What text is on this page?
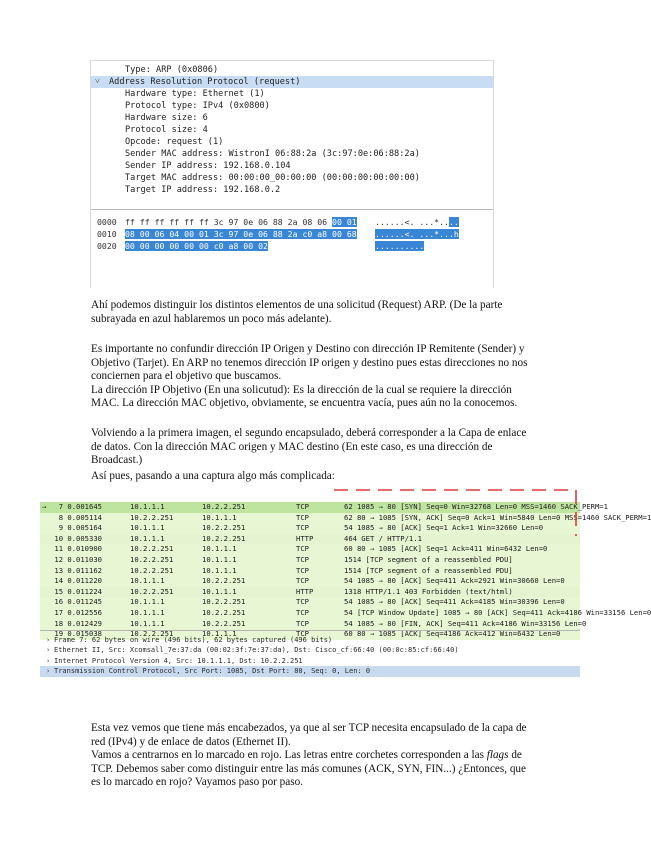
Type: ARP (0x0806)
˅ Address Resolution Protocol (request)
Hardware type: Ethernet (1)
Protocol type: IPv4 (0x0800)
Hardware size: 6
Protocol size: 4
Opcode: request (1)
Sender MAC address: WistronI 06:88:2a (3c:97:0e:06:88:2a)
Sender IP address: 192.168.0.104
Target MAC address: 00:00:00_00:00:00 (00:00:00:00:00:00)
Target IP address: 192.168.0.2
0000 ff ff ff ff ff ff 3c 97 0e 06 88 2a 08 06 00 01 ......<. ...*....
0010 08 00 06 04 00 01 3c 97 0e 06 88 2a c0 a8 00 68 ......<. ...*...h
0020 00 00 00 00 00 00 c0 a8 00 02	..........

Ahí podemos distinguir los distintos elementos de una solicitud (Request) ARP. (De la parte subrayada en azul hablaremos un poco más adelante).

Es importante no confundir dirección IP Origen y Destino con dirección IP Remitente (Sender) y Objetivo (Tarjet). En ARP no tenemos dirección IP origen y destino pues estas direcciones no nos conciernen para el objetivo que buscamos.

La dirección IP Objetivo (En una solicutud): Es la dirección de la cual se requiere la dirección MAC. La dirección MAC objetivo, obviamente, se encuentra vacía, pues aún no la conocemos.

Volviendo a la primera imagen, el segundo encapsulado, deberá corresponder a la Capa de enlace de datos. Con la dirección MAC origen y MAC destino (En este caso, es una dirección de Broadcast.)

Así pues, pasando a una captura algo más complicada:

7 0.001645	10.1.1.1	10.2.2.251	TCP	62 1085 → 80 [SYN] Seq=0 Win=32768 Len=0 MSS=1460 SACK_PERM=1
→
8 0.005114	10.2.2.251	10.1.1.1	TCP	62 80 → 1085 [SYN, ACK] Seq=0 Ack=1 Win=5840 Len=0 MSS=1460 SACK_PERM=1
9 0.005164	10.1.1.1	10.2.2.251	TCP	54 1085 → 80 [ACK] Seq=1 Ack=1 Win=32660 Len=0
10 0.005330	10.1.1.1	10.2.2.251	HTTP	464 GET / HTTP/1.1
11 0.010900	10.2.2.251	10.1.1.1	TCP	60 80 → 1085 [ACK] Seq=1 Ack=411 Win=6432 Len=0
12 0.011030	10.2.2.251	10.1.1.1	TCP	1514 [TCP segment of a reassembled PDU]
13 0.011162	10.2.2.251	10.1.1.1	TCP	1514 [TCP segment of a reassembled PDU]
14 0.011220	10.1.1.1	10.2.2.251	TCP	54 1085 → 80 [ACK] Seq=411 Ack=2921 Win=30660 Len=0
15 0.011224	10.2.2.251	10.1.1.1	HTTP	1318 HTTP/1.1 403 Forbidden (text/html)
16 0.011245	10.1.1.1	10.2.2.251	TCP	54 1085 → 80 [ACK] Seq=411 Ack=4185 Win=30396 Len=0
17 0.012556	10.1.1.1	10.2.2.251	TCP	54 [TCP Window Update] 1085 → 80 [ACK] Seq=411 Ack=4186 Win=33156 Len=0
18 0.012429	10.1.1.1	10.2.2.251	TCP	54 1085 → 80 [FIN, ACK] Seq=411 Ack=4186 Win=33156 Len=0
19 0.015038	10.2.2.251	10.1.1.1	TCP	60 80 → 1085 [ACK] Seq=4186 Ack=412 Win=6432 Len=0
› Frame 7: 62 bytes on wire (496 bits), 62 bytes captured (496 bits)
› Ethernet II, Src: Xcomsall_7e:37:da (00:02:3f:7e:37:da), Dst: Cisco_cf:66:40 (00:0c:85:cf:66:40)
› Internet Protocol Version 4, Src: 10.1.1.1, Dst: 10.2.2.251
› Transmission Control Protocol, Src Port: 1085, Dst Port: 80, Seq: 0, Len: 0

Esta vez vemos que tiene más encabezados, ya que al ser TCP necesita encapsulado de la capa de red (IPv4) y de enlace de datos (Ethernet II).

Vamos a centrarnos en lo marcado en rojo. Las letras entre corchetes corresponden a las flags de TCP. Debemos saber como distinguir entre las más comunes (ACK, SYN, FIN...) ¿Entonces, que es lo marcado en rojo? Vayamos paso por paso.
